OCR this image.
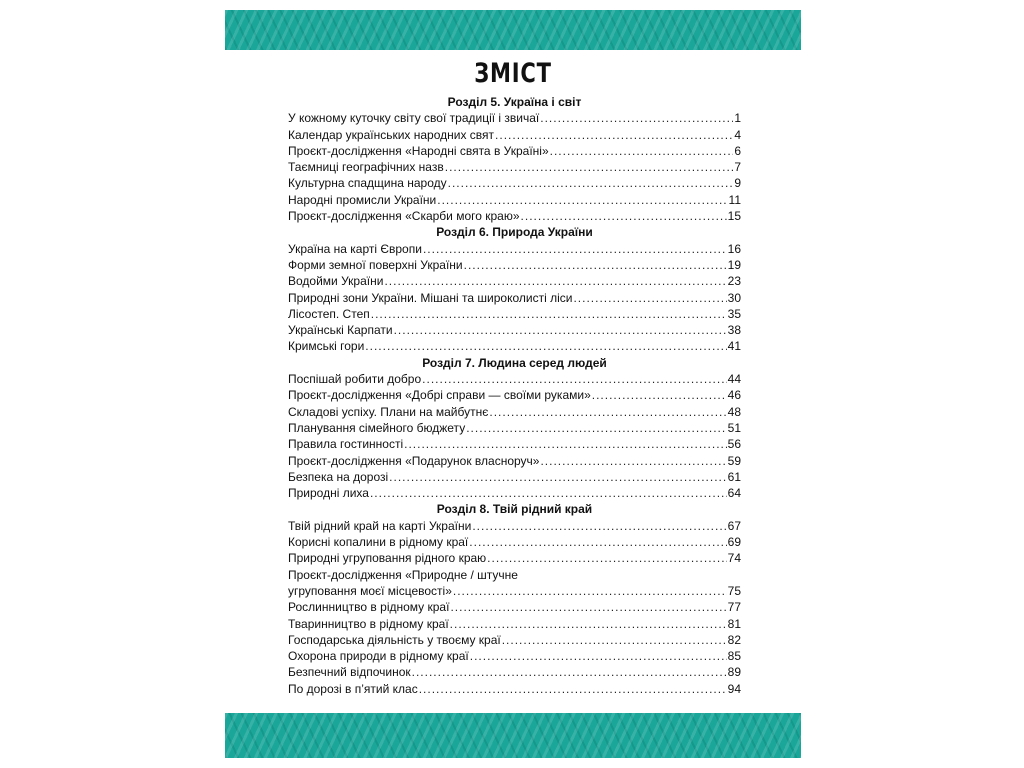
ЗМІСТ
Розділ 5. Україна і світ
У кожному куточку світу свої традиції і звичаї .....	1
Календар українських народних свят .....	4
Проєкт-дослідження «Народні свята в Україні» .....	6
Таємниці географічних назв .....	7
Культурна спадщина народу .....	9
Народні промисли України .....	11
Проєкт-дослідження «Скарби мого краю» .....	15
Розділ 6. Природа України
Україна на карті Європи .....	16
Форми земної поверхні України .....	19
Водойми України .....	23
Природні зони України. Мішані та широколисті ліси .....	30
Лісостеп. Степ .....	35
Українські Карпати .....	38
Кримські гори .....	41
Розділ 7. Людина серед людей
Поспішай робити добро .....	44
Проєкт-дослідження «Добрі справи — своїми руками» .....	46
Складові успіху. Плани на майбутнє .....	48
Планування сімейного бюджету .....	51
Правила гостинності .....	56
Проєкт-дослідження «Подарунок власноруч» .....	59
Безпека на дорозі .....	61
Природні лиха .....	64
Розділ 8. Твій рідний край
Твій рідний край на карті України .....	67
Корисні копалини в рідному краї .....	69
Природні угруповання рідного краю .....	74
Проєкт-дослідження «Природне / штучне
угруповання моєї місцевості» .....	75
Рослинництво в рідному краї .....	77
Тваринництво в рідному краї .....	81
Господарська діяльність у твоєму краї .....	82
Охорона природи в рідному краї .....	85
Безпечний відпочинок .....	89
По дорозі в п’ятий клас .....	94
